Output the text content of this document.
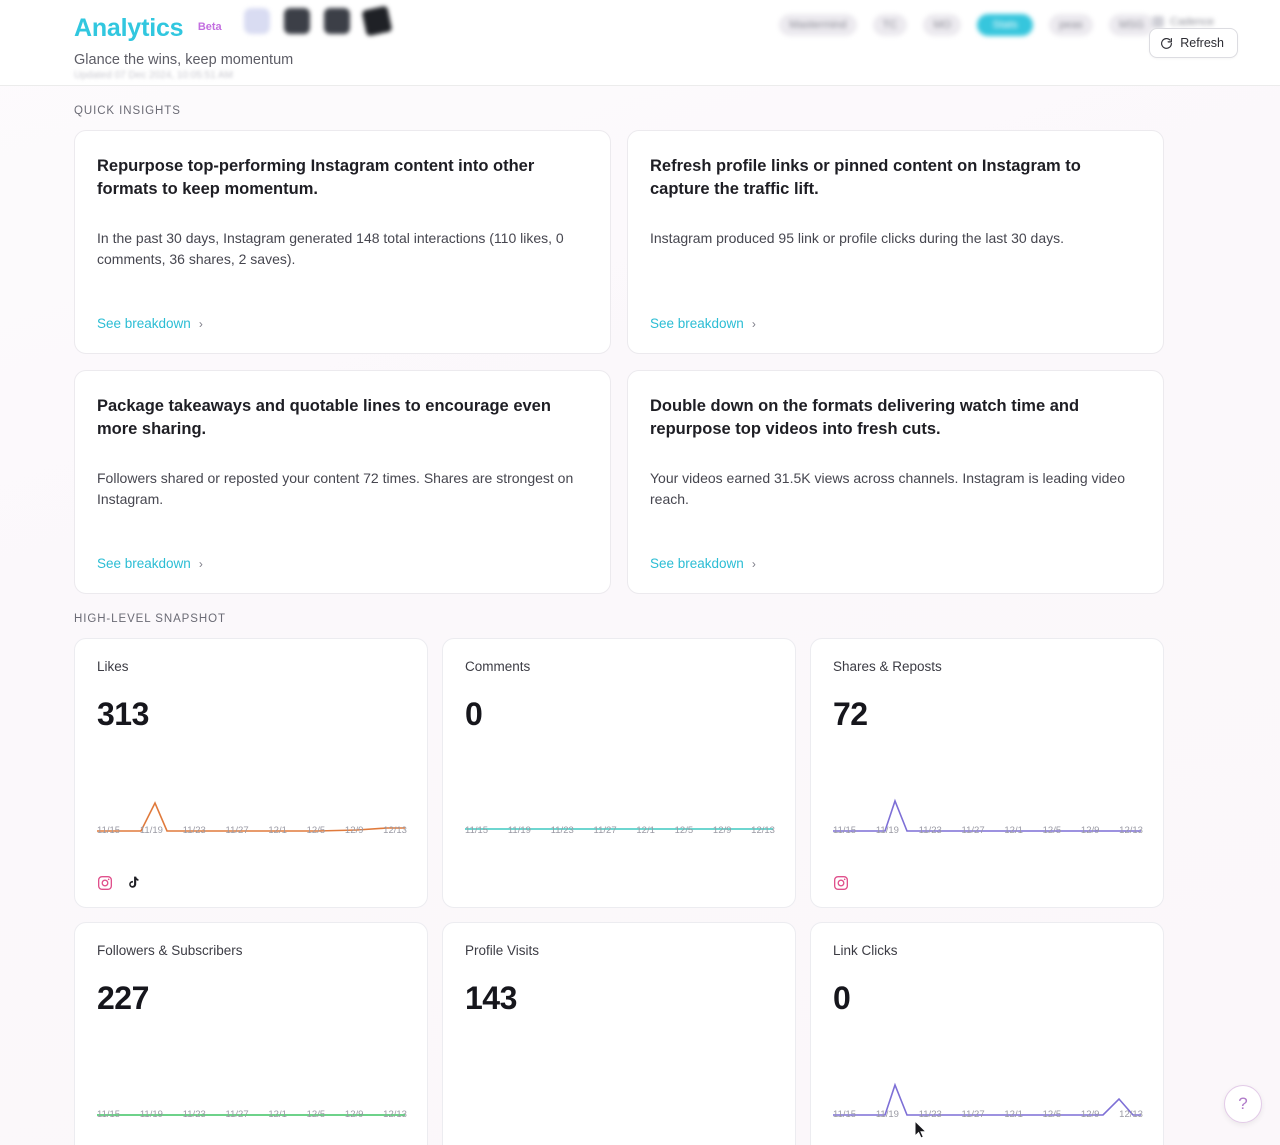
Analytics Beta
Glance the wins, keep momentum
Updated 07 Dec 2024, 10:05:51 AM
Mastermind	TC	MO	Stats	peas	MSG	Cadence
Refresh
QUICK INSIGHTS

Repurpose top-performing Instagram content into other formats to keep momentum.

In the past 30 days, Instagram generated 148 total interactions (110 likes, 0 comments, 36 shares, 2 saves).

See breakdown ›

Refresh profile links or pinned content on Instagram to capture the traffic lift.

Instagram produced 95 link or profile clicks during the last 30 days.

See breakdown ›

Package takeaways and quotable lines to encourage even more sharing.

Followers shared or reposted your content 72 times. Shares are strongest on Instagram.

See breakdown ›

Double down on the formats delivering watch time and repurpose top videos into fresh cuts.

Your videos earned 31.5K views across channels. Instagram is leading video reach.

See breakdown ›
HIGH-LEVEL SNAPSHOT
Likes
313
11/15 11/19 11/23 11/27 12/1 12/5 12/9 12/13
Comments
0
11/15 11/19 11/23 11/27 12/1 12/5 12/9 12/13
Shares & Reposts
72
11/15 11/19 11/23 11/27 12/1 12/5 12/9 12/13
Followers & Subscribers
227
11/15 11/19 11/23 11/27 12/1 12/5 12/9 12/13
Profile Visits
143
Link Clicks
0
11/15 11/19 11/23 11/27 12/1 12/5 12/9 12/13
?
